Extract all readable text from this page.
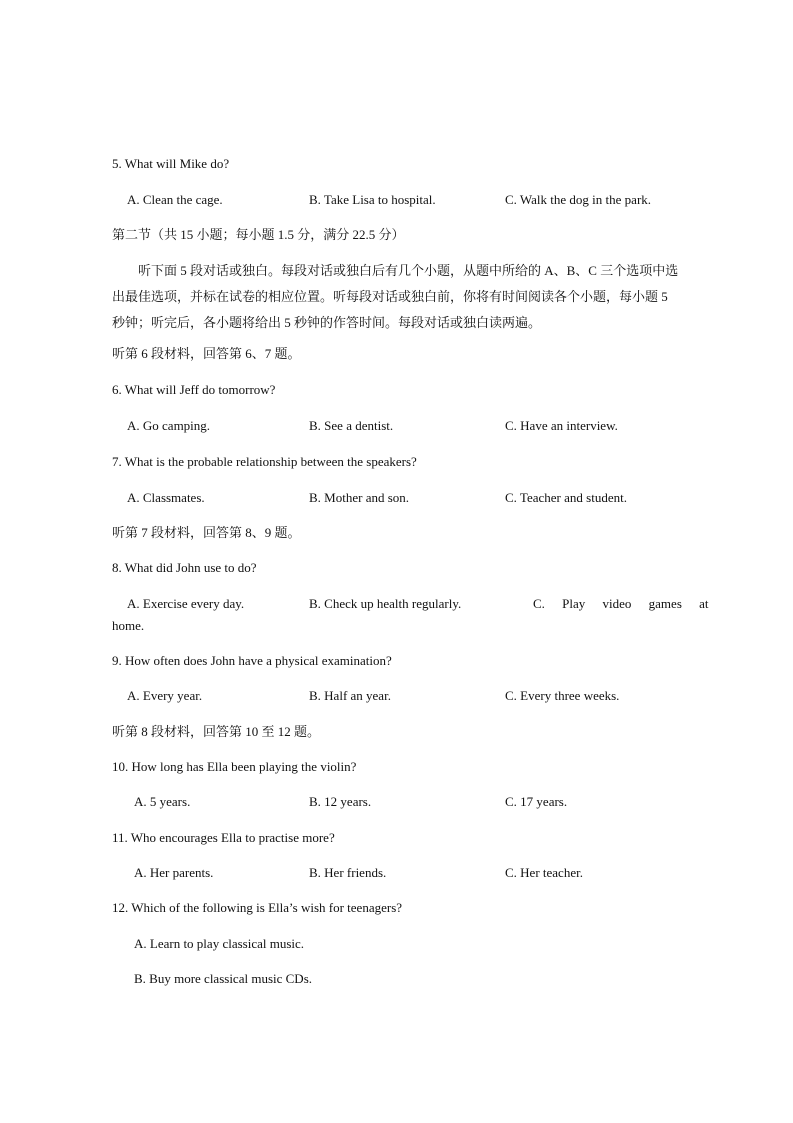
5. What will Mike do?
A. Clean the cage.	B. Take Lisa to hospital.	C. Walk the dog in the park.
第二节（共 15 小题；每小题 1.5 分，满分 22.5 分）
听下面 5 段对话或独白。每段对话或独白后有几个小题，从题中所给的 A、B、C 三个选项中选出最佳选项，并标在试卷的相应位置。听每段对话或独白前，你将有时间阅读各个小题，每小题 5 秒钟；听完后，各小题将给出 5 秒钟的作答时间。每段对话或独白读两遍。
听第 6 段材料，回答第 6、7 题。
6. What will Jeff do tomorrow?
A. Go camping.	B. See a dentist.	C. Have an interview.
7. What is the probable relationship between the speakers?
A. Classmates.	B. Mother and son.	C. Teacher and student.
听第 7 段材料，回答第 8、9 题。
8. What did John use to do?
A. Exercise every day.	B. Check up health regularly.	C. Play video games at
home.
9. How often does John have a physical examination?
A. Every year.	B. Half an year.	C. Every three weeks.
听第 8 段材料，回答第 10 至 12 题。
10. How long has Ella been playing the violin?
A. 5 years.	B. 12 years.	C. 17 years.
11. Who encourages Ella to practise more?
A. Her parents.	B. Her friends.	C. Her teacher.
12. Which of the following is Ella’s wish for teenagers?
A. Learn to play classical music.
B. Buy more classical music CDs.
